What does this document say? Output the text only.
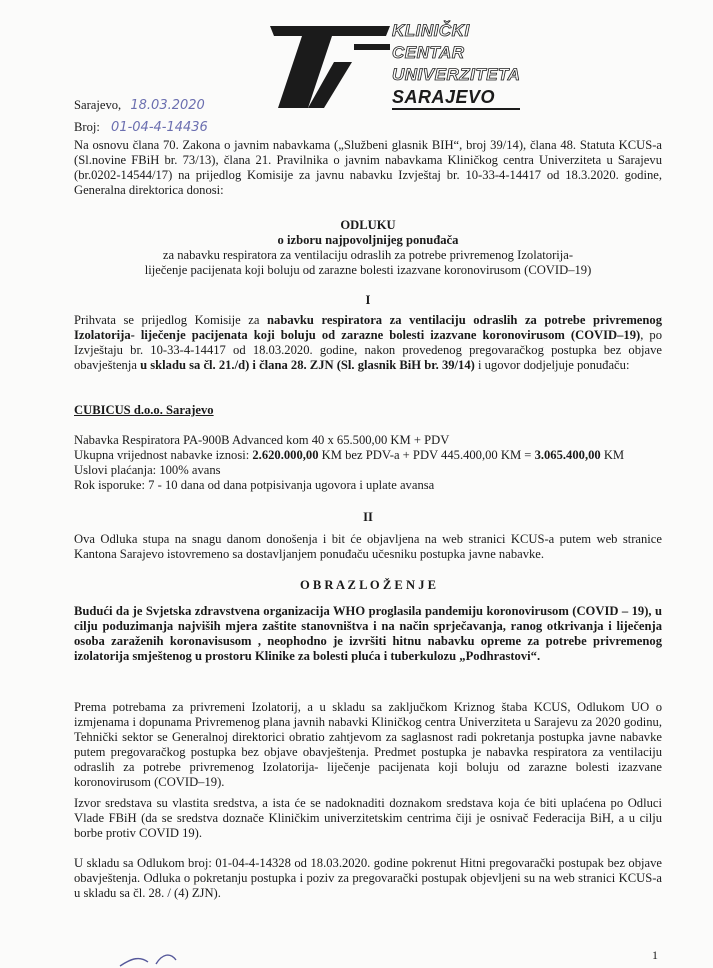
KLINIČKI
CENTAR
UNIVERZITETA
SARAJEVO
Sarajevo, 18.03.2020
Broj: 01-04-4-14436
Na osnovu člana 70. Zakona o javnim nabavkama („Službeni glasnik BIH“, broj 39/14), člana 48. Statuta KCUS-a (Sl.novine FBiH br. 73/13), člana 21. Pravilnika o javnim nabavkama Kliničkog centra Univerziteta u Sarajevu (br.0202-14544/17) na prijedlog Komisije za javnu nabavku Izvještaj br. 10-33-4-14417 od 18.3.2020. godine, Generalna direktorica donosi:
ODLUKU
o izboru najpovoljnijeg ponuđača
za nabavku respiratora za ventilaciju odraslih za potrebe privremenog Izolatorija-
liječenje pacijenata koji boluju od zarazne bolesti izazvane koronovirusom (COVID–19)
I
Prihvata se prijedlog Komisije za nabavku respiratora za ventilaciju odraslih za potrebe privremenog Izolatorija- liječenje pacijenata koji boluju od zarazne bolesti izazvane koronovirusom (COVID–19), po Izvještaju br. 10-33-4-14417 od 18.03.2020. godine, nakon provedenog pregovaračkog postupka bez objave obavještenja u skladu sa čl. 21./d) i člana 28. ZJN (Sl. glasnik BiH br. 39/14) i ugovor dodjeljuje ponuđaču:
CUBICUS d.o.o. Sarajevo
Nabavka Respiratora PA-900B Advanced kom 40 x 65.500,00 KM + PDV
Ukupna vrijednost nabavke iznosi: 2.620.000,00 KM bez PDV-a + PDV 445.400,00 KM = 3.065.400,00 KM
Uslovi plaćanja: 100% avans
Rok isporuke: 7 - 10 dana od dana potpisivanja ugovora i uplate avansa
II
Ova Odluka stupa na snagu danom donošenja i bit će objavljena na web stranici KCUS-a putem web stranice Kantona Sarajevo istovremeno sa dostavljanjem ponuđaču učesniku postupka javne nabavke.
O B R A Z L O Ž E N J E
Budući da je Svjetska zdravstvena organizacija WHO proglasila pandemiju koronovirusom (COVID – 19), u cilju poduzimanja najviših mjera zaštite stanovništva i na način sprječavanja, ranog otkrivanja i liječenja osoba zaraženih koronavisusom , neophodno je izvršiti hitnu nabavku opreme za potrebe privremenog izolatorija smještenog u prostoru Klinike za bolesti pluća i tuberkulozu „Podhrastovi“.
Prema potrebama za privremeni Izolatorij, a u skladu sa zaključkom Kriznog štaba KCUS, Odlukom UO o izmjenama i dopunama Privremenog plana javnih nabavki Kliničkog centra Univerziteta u Sarajevu za 2020 godinu, Tehnički sektor se Generalnoj direktorici obratio zahtjevom za saglasnost radi pokretanja postupka javne nabavke putem pregovaračkog postupka bez objave obavještenja. Predmet postupka je nabavka respiratora za ventilaciju odraslih za potrebe privremenog Izolatorija- liječenje pacijenata koji boluju od zarazne bolesti izazvane koronovirusom (COVID–19).
Izvor sredstava su vlastita sredstva, a ista će se nadoknaditi doznakom sredstava koja će biti uplaćena po Odluci Vlade FBiH (da se sredstva doznače Kliničkim univerzitetskim centrima čiji je osnivač Federacija BiH, a u cilju borbe protiv COVID 19).
U skladu sa Odlukom broj: 01-04-4-14328 od 18.03.2020. godine pokrenut Hitni pregovarački postupak bez objave obavještenja. Odluka o pokretanju postupka i poziv za pregovarački postupak objevljeni su na web stranici KCUS-a u skladu sa čl. 28. / (4) ZJN).
1
